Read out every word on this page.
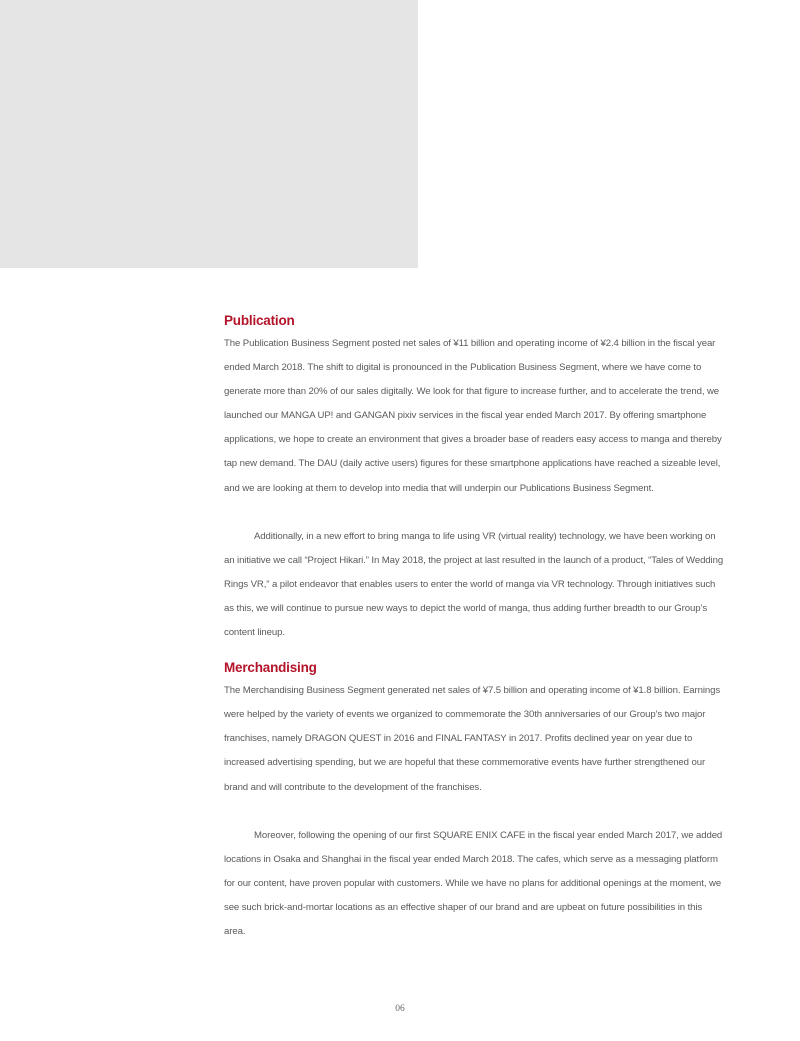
Publication

The Publication Business Segment posted net sales of ¥11 billion and operating income of ¥2.4 billion in the fiscal year ended March 2018. The shift to digital is pronounced in the Publication Business Segment, where we have come to generate more than 20% of our sales digitally. We look for that figure to increase further, and to accelerate the trend, we launched our MANGA UP! and GANGAN pixiv services in the fiscal year ended March 2017. By offering smartphone applications, we hope to create an environment that gives a broader base of readers easy access to manga and thereby tap new demand. The DAU (daily active users) figures for these smartphone applications have reached a sizeable level, and we are looking at them to develop into media that will underpin our Publications Business Segment.

Additionally, in a new effort to bring manga to life using VR (virtual reality) technology, we have been working on an initiative we call “Project Hikari.” In May 2018, the project at last resulted in the launch of a product, “Tales of Wedding Rings VR,” a pilot endeavor that enables users to enter the world of manga via VR technology. Through initiatives such as this, we will continue to pursue new ways to depict the world of manga, thus adding further breadth to our Group’s content lineup.

Merchandising

The Merchandising Business Segment generated net sales of ¥7.5 billion and operating income of ¥1.8 billion. Earnings were helped by the variety of events we organized to commemorate the 30th anniversaries of our Group’s two major franchises, namely DRAGON QUEST in 2016 and FINAL FANTASY in 2017. Profits declined year on year due to increased advertising spending, but we are hopeful that these commemorative events have further strengthened our brand and will contribute to the development of the franchises.

Moreover, following the opening of our first SQUARE ENIX CAFE in the fiscal year ended March 2017, we added locations in Osaka and Shanghai in the fiscal year ended March 2018. The cafes, which serve as a messaging platform for our content, have proven popular with customers. While we have no plans for additional openings at the moment, we see such brick-and-mortar locations as an effective shaper of our brand and are upbeat on future possibilities in this area.

06
